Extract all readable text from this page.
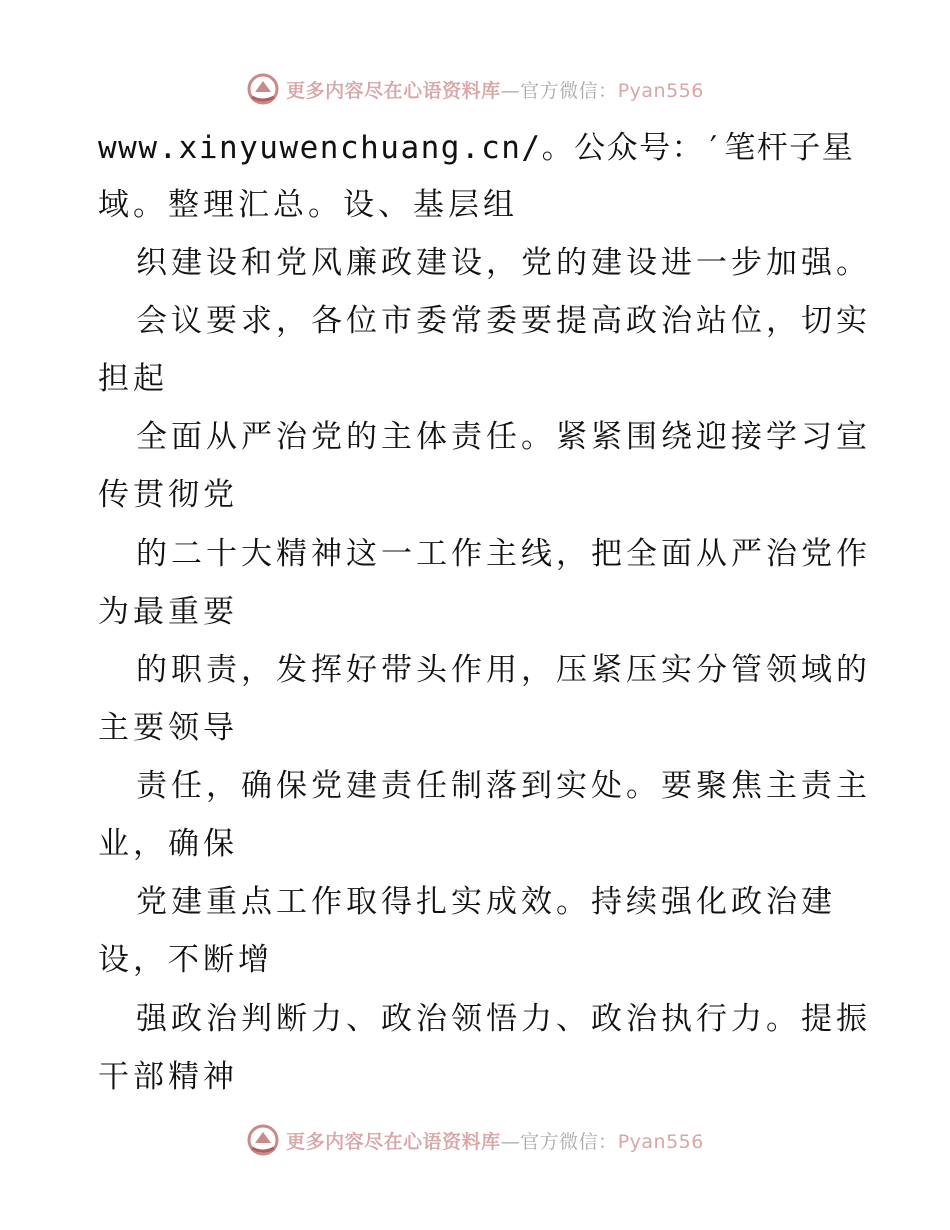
更多内容尽在心语资料库—官方微信：Pyan556
www.xinyuwenchuang.cn/。公众号：′笔杆子星
域。整理汇总。设、基层组
织建设和党风廉政建设，党的建设进一步加强。
会议要求，各位市委常委要提高政治站位，切实
担起
全面从严治党的主体责任。紧紧围绕迎接学习宣
传贯彻党
的二十大精神这一工作主线，把全面从严治党作
为最重要
的职责，发挥好带头作用，压紧压实分管领域的
主要领导
责任，确保党建责任制落到实处。要聚焦主责主
业，确保
党建重点工作取得扎实成效。持续强化政治建
设，不断增
强政治判断力、政治领悟力、政治执行力。提振
干部精神
更多内容尽在心语资料库—官方微信：Pyan556
